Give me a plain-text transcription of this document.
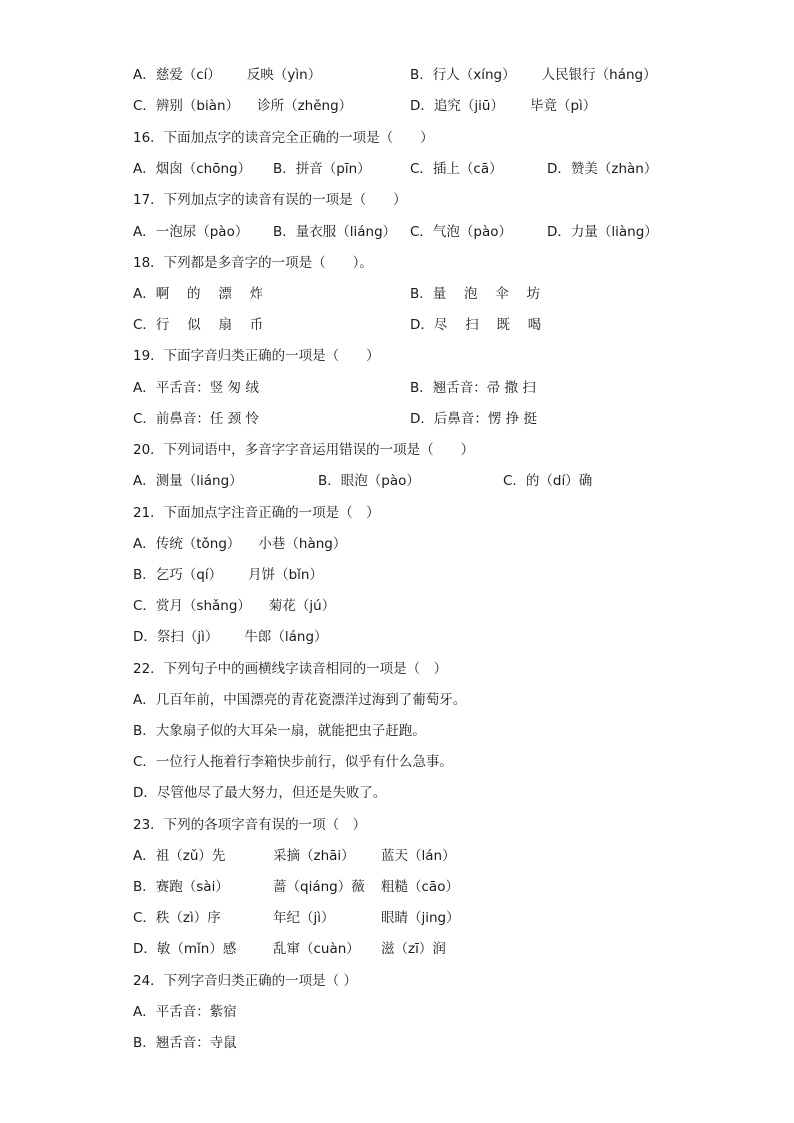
A．慈爱（cí） 反映（yìn）	B．行人（xíng） 人民银行（háng）
C．辨别（biàn） 诊所（zhěng）	D．追究（jiū） 毕竟（pì）
16．下面加点字的读音完全正确的一项是（　　）
A．烟囱（chōng） B．拼音（pīn）	C．插上（cā）	D．赞美（zhàn）
17．下列加点字的读音有误的一项是（　　）
A．一泡尿（pào） B．量衣服（liáng） C．气泡（pào）	D．力量（liàng）
18．下列都是多音字的一项是（　　）。
A．啊　 的　 漂　 炸	B．量　 泡　 伞　 坊
C．行　 似　 扇　 币	D．尽　 扫　 既　 喝
19．下面字音归类正确的一项是（　　）
A．平舌音：竖 匆 绒	B．翘舌音：帚 撒 扫
C．前鼻音：任 颈 怜	D．后鼻音：愣 挣 挺
20．下列词语中，多音字字音运用错误的一项是（　　）
A．测量（liáng）	B．眼泡（pào）	C．的（dí）确
21．下面加点字注音正确的一项是（　）
A．传统（tǒng） 小巷（hàng）
B．乞巧（qí） 月饼（bǐn）
C．赏月（shǎng） 菊花（jú）
D．祭扫（jì） 牛郎（láng）
22．下列句子中的画横线字读音相同的一项是（　）
A．几百年前，中国漂亮的青花瓷漂洋过海到了葡萄牙。
B．大象扇子似的大耳朵一扇，就能把虫子赶跑。
C．一位行人拖着行李箱快步前行，似乎有什么急事。
D．尽管他尽了最大努力，但还是失败了。
23．下列的各项字音有误的一项（　）
A．祖（zǔ）先	采摘（zhāi） 蓝天（lán）
B．赛跑（sài）	蔷（qiáng）薇 粗糙（cāo）
C．秩（zì）序	年纪（jì）	眼睛（jing）
D．敏（mǐn）感	乱窜（cuàn） 滋（zī）润
24．下列字音归类正确的一项是（ ）
A．平舌音：紫宿
B．翘舌音：寺鼠
